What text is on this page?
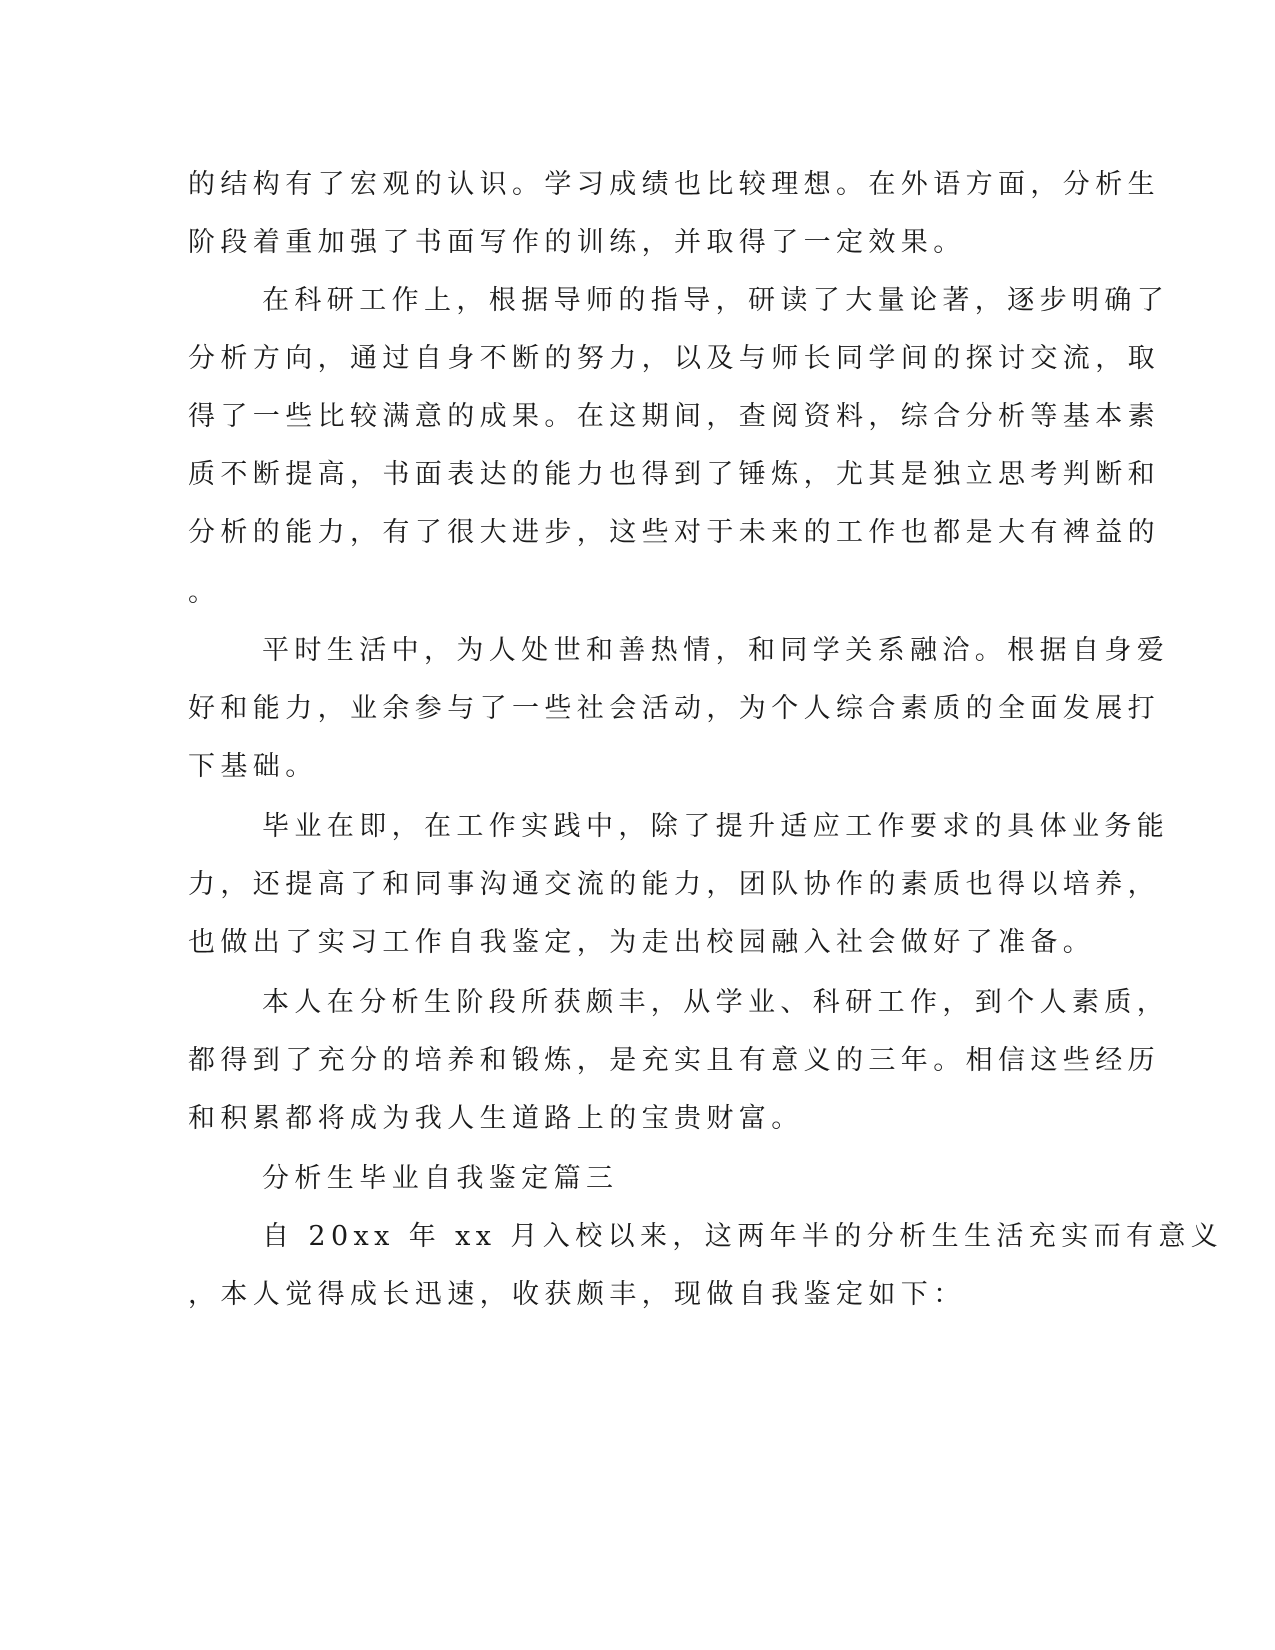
的结构有了宏观的认识。学习成绩也比较理想。在外语方面，分析生
阶段着重加强了书面写作的训练，并取得了一定效果。
在科研工作上，根据导师的指导，研读了大量论著，逐步明确了
分析方向，通过自身不断的努力，以及与师长同学间的探讨交流，取
得了一些比较满意的成果。在这期间，查阅资料，综合分析等基本素
质不断提高，书面表达的能力也得到了锤炼，尤其是独立思考判断和
分析的能力，有了很大进步，这些对于未来的工作也都是大有裨益的
。
平时生活中，为人处世和善热情，和同学关系融洽。根据自身爱
好和能力，业余参与了一些社会活动，为个人综合素质的全面发展打
下基础。
毕业在即，在工作实践中，除了提升适应工作要求的具体业务能
力，还提高了和同事沟通交流的能力，团队协作的素质也得以培养，
也做出了实习工作自我鉴定，为走出校园融入社会做好了准备。
本人在分析生阶段所获颇丰，从学业、科研工作，到个人素质，
都得到了充分的培养和锻炼，是充实且有意义的三年。相信这些经历
和积累都将成为我人生道路上的宝贵财富。
分析生毕业自我鉴定篇三
自 20xx 年 xx 月入校以来，这两年半的分析生生活充实而有意义
，本人觉得成长迅速，收获颇丰，现做自我鉴定如下：
